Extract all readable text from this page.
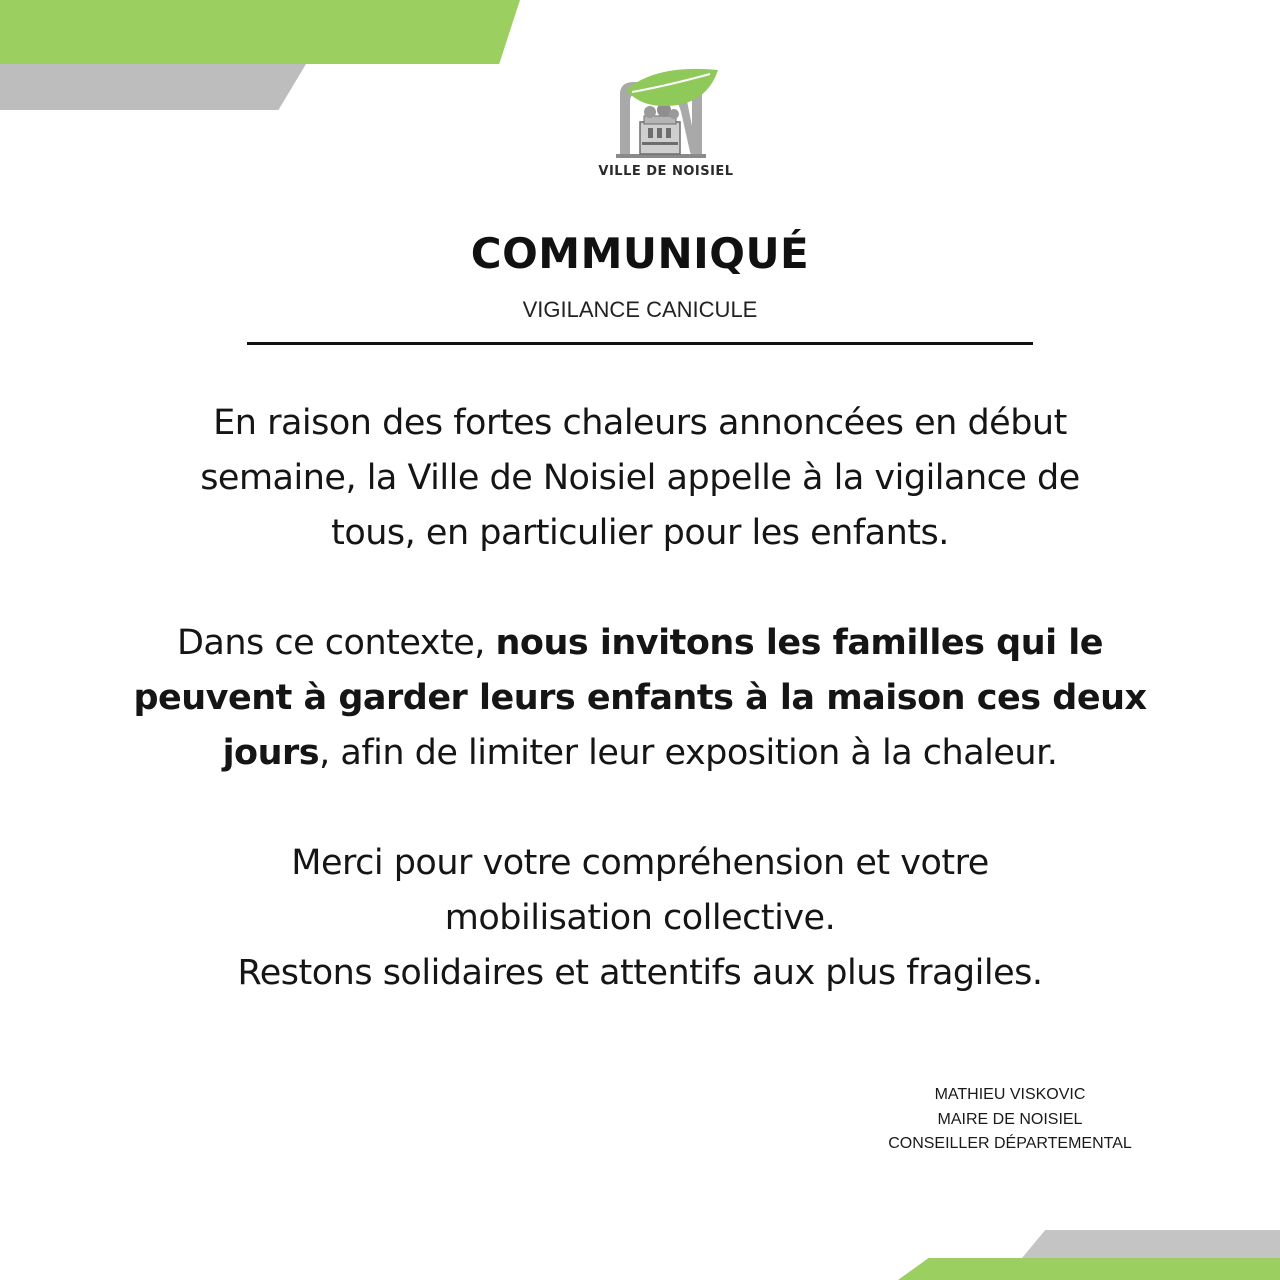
VILLE DE NOISIEL
COMMUNIQUÉ
VIGILANCE CANICULE
En raison des fortes chaleurs annoncées en début
semaine, la Ville de Noisiel appelle à la vigilance de
tous, en particulier pour les enfants.
Dans ce contexte, nous invitons les familles qui le
peuvent à garder leurs enfants à la maison ces deux
jours, afin de limiter leur exposition à la chaleur.
Merci pour votre compréhension et votre
mobilisation collective.
Restons solidaires et attentifs aux plus fragiles.
MATHIEU VISKOVIC
MAIRE DE NOISIEL
CONSEILLER DÉPARTEMENTAL
